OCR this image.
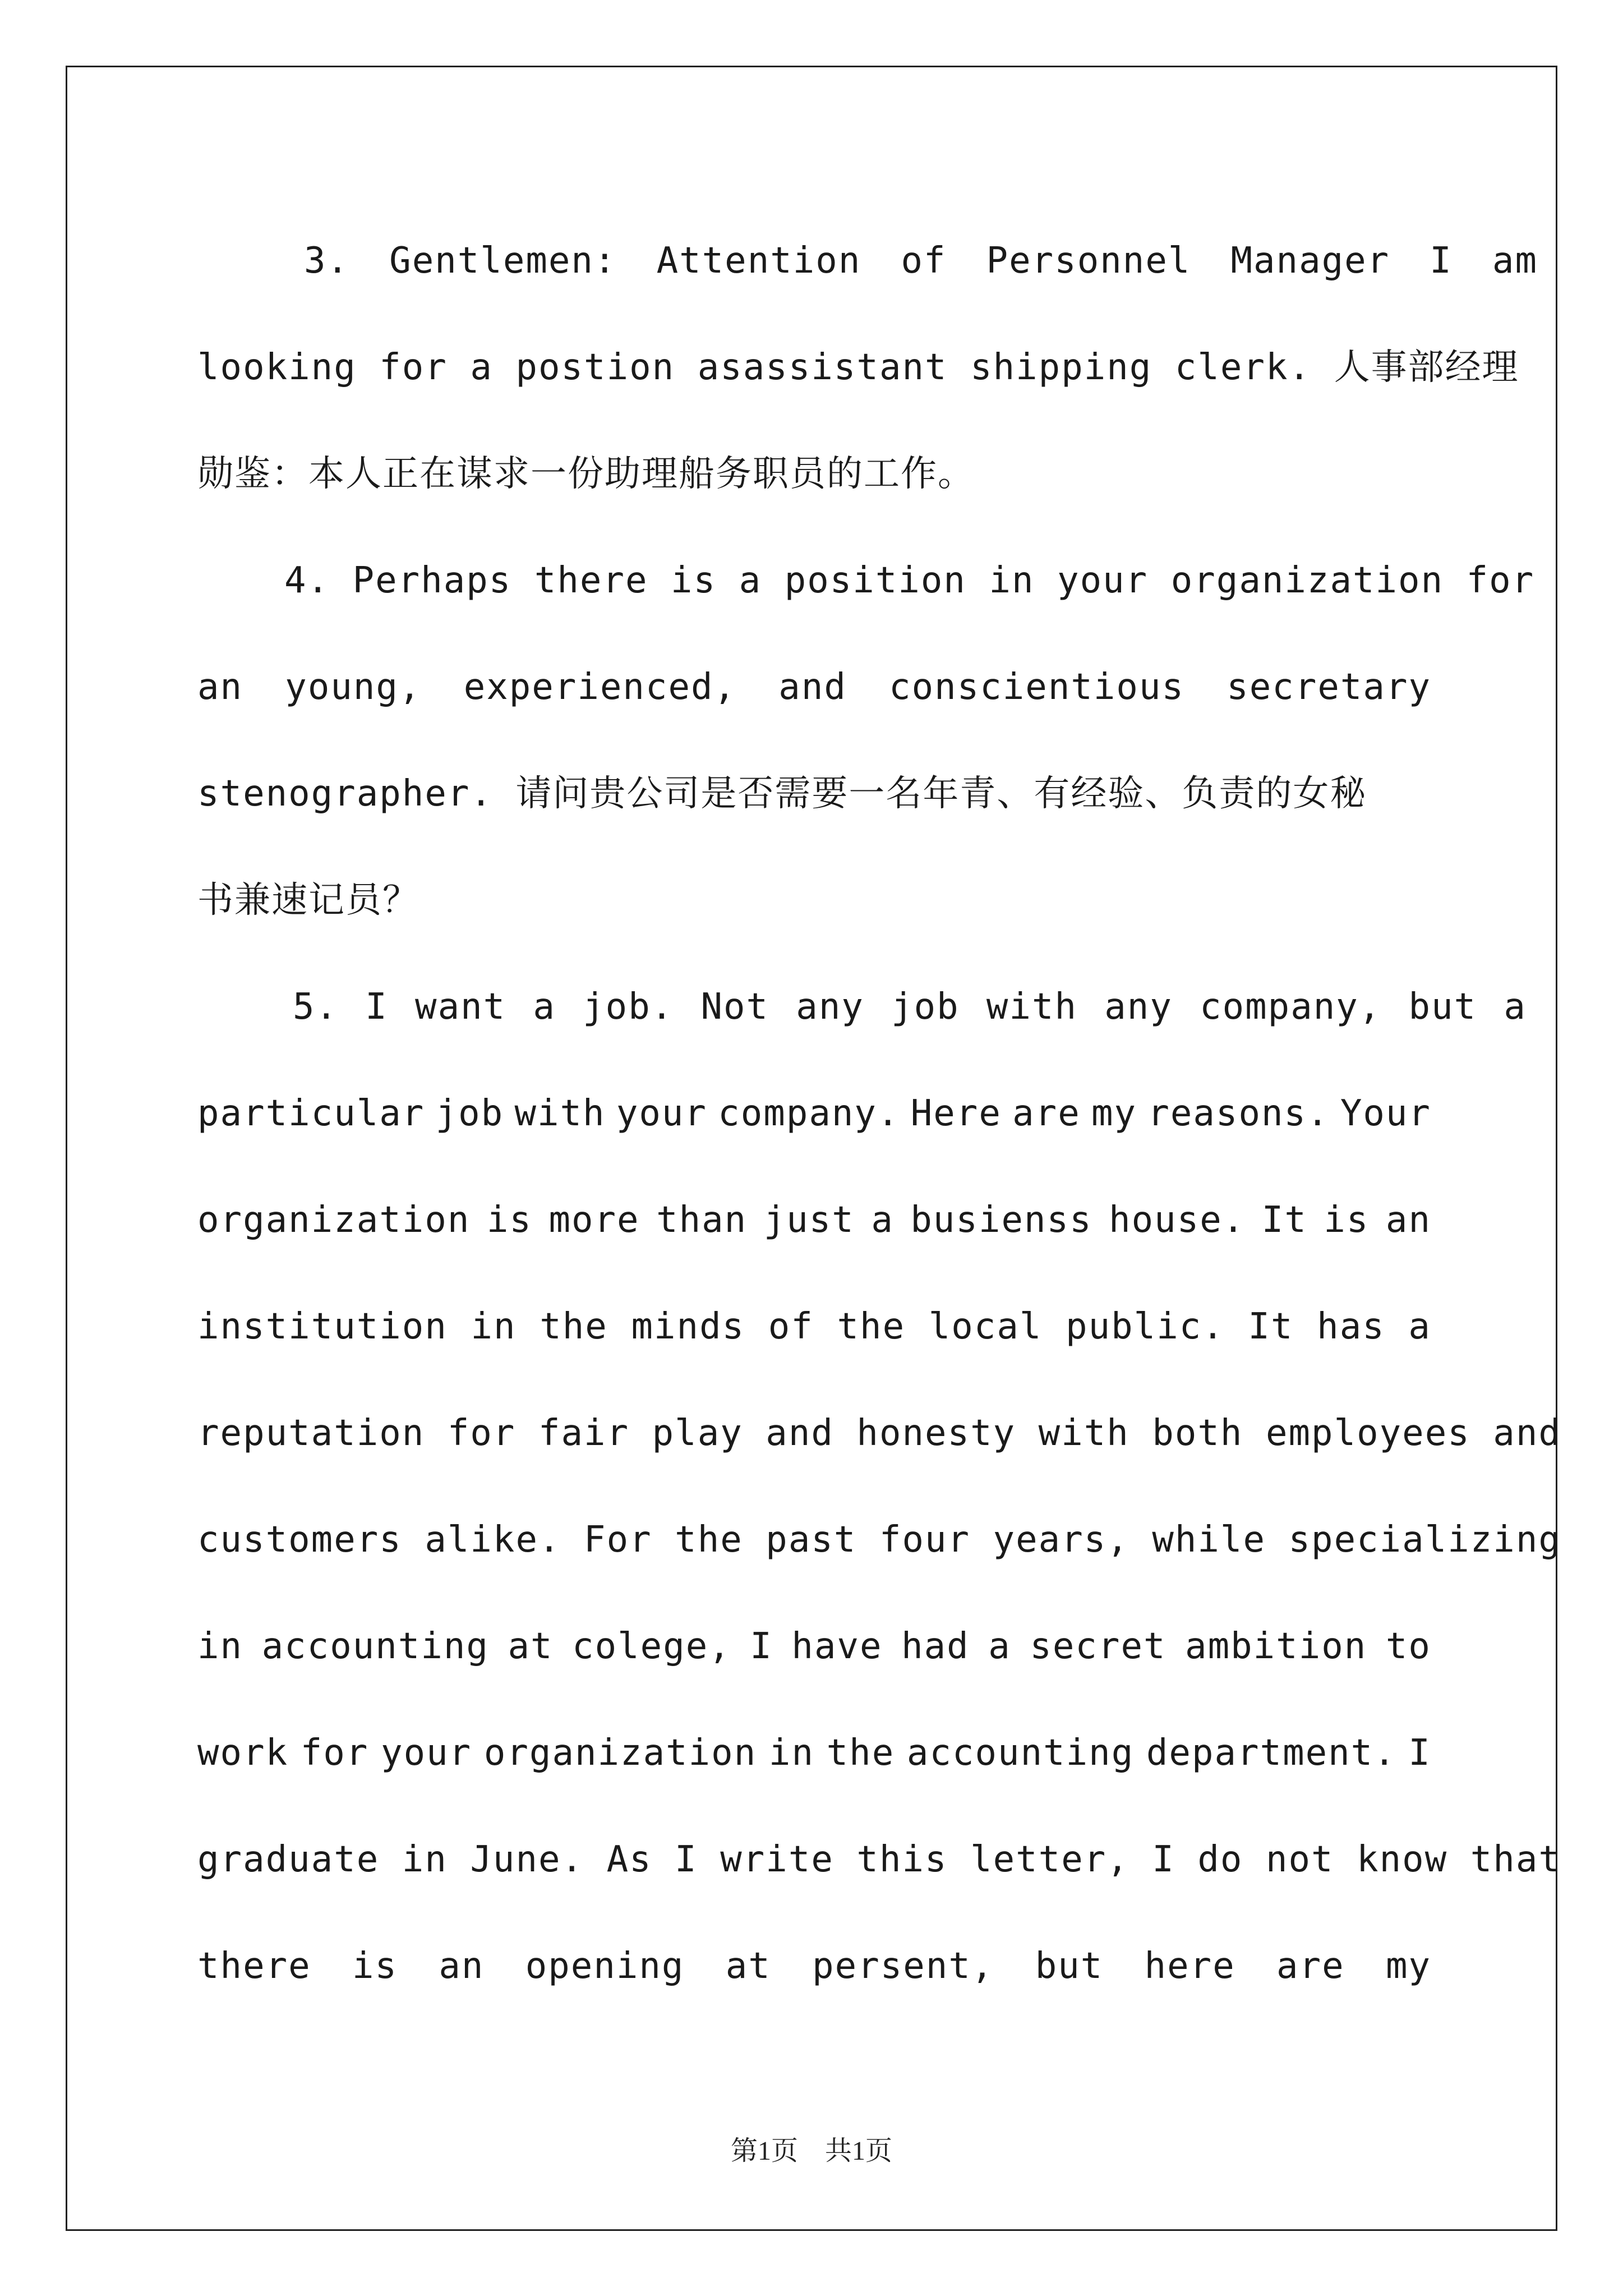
3. Gentlemen: Attention of Personnel Manager I am
looking for a postion asassistant shipping clerk. 人事部经理
勋鉴：本人正在谋求一份助理船务职员的工作。
4. Perhaps there is a position in your organization for
an young, experienced, and conscientious secretary
stenographer. 请问贵公司是否需要一名年青、有经验、负责的女秘
书兼速记员？
5. I want a job. Not any job with any company, but a
particular job with your company. Here are my reasons. Your
organization is more than just a busienss house. It is an
institution in the minds of the local public. It has a
reputation for fair play and honesty with both employees and
customers alike. For the past four years, while specializing
in accounting at colege, I have had a secret ambition to
work for your organization in the accounting department. I
graduate in June. As I write this letter, I do not know that
there is an opening at persent, but here are my
第1页　共1页
